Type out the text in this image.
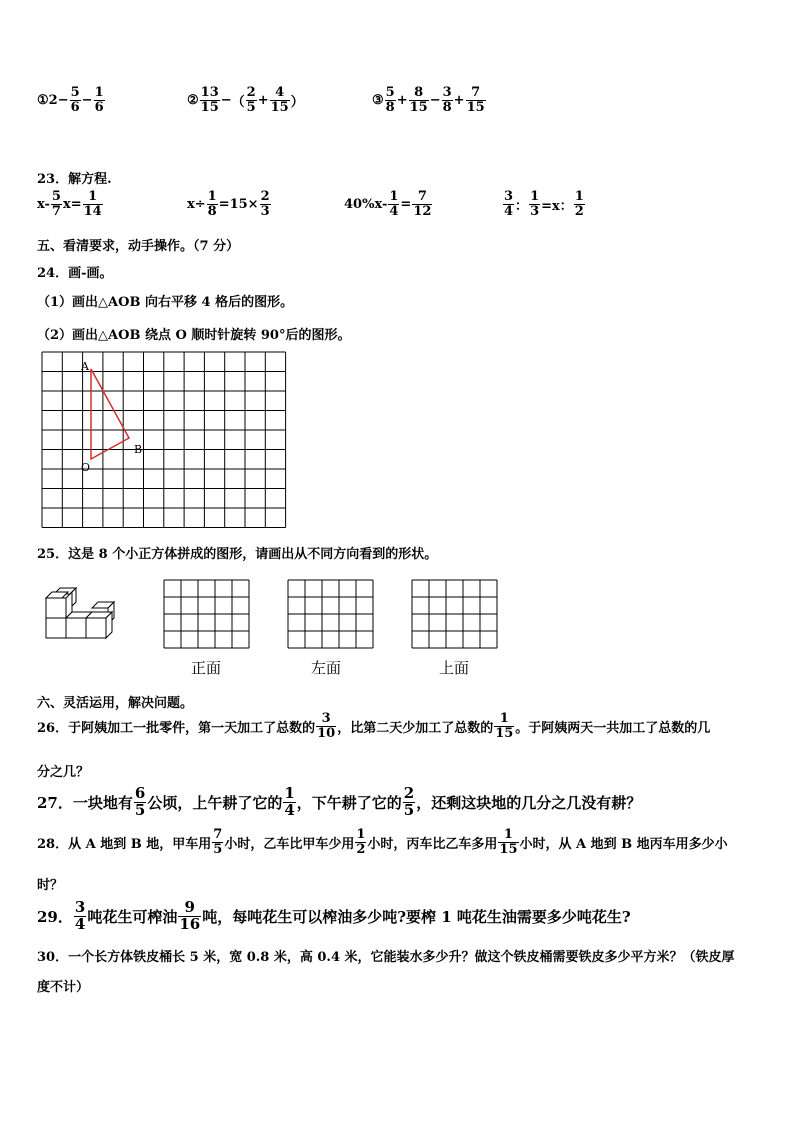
① $2 - \frac{5}{6} - \frac{1}{6}$	② $\frac{13}{15}$ − （ $\frac{2}{5} + \frac{4}{15}$ ）	③ $\frac{5}{8} + \frac{8}{15} - \frac{3}{8} + \frac{7}{15}$
23．解方程.
$x- \frac{5}{7} x= \frac{1}{14}$	$x\div \frac{1}{8} =15\times \frac{2}{3}$	$40\%x- \frac{1}{4} = \frac{7}{12}$	$\frac{3}{4}$ ： $\frac{1}{3} =x$： $\frac{1}{2}$
五、看清要求，动手操作。（7 分）
24．画-画。
（1）画出△AOB 向右平移 4 格后的图形。
（2）画出△AOB 绕点 O 顺时针旋转 90°后的图形。
A
B
O
25．这是 8 个小正方体拼成的图形，请画出从不同方向看到的形状。
正面	左面	上面
六、灵活运用，解决问题。
26．于阿姨加工一批零件，第一天加工了总数的 $\frac{3}{10}$ ，比第二天少加工了总数的 $\frac{1}{15}$ 。于阿姨两天一共加工了总数的几
分之几？
27．一块地有 $\frac{6}{5}$ 公顷，上午耕了它的 $\frac{1}{4}$ ，下午耕了它的 $\frac{2}{5}$ ，还剩这块地的几分之几没有耕？
28．从 A 地到 B 地，甲车用 $\frac{7}{5}$ 小时，乙车比甲车少用 $\frac{1}{2}$ 小时，丙车比乙车多用 $\frac{1}{15}$ 小时，从 A 地到 B 地丙车用多少小
时？
29． $\frac{3}{4}$ 吨花生可榨油 $\frac{9}{16}$ 吨，每吨花生可以榨油多少吨?要榨 1 吨花生油需要多少吨花生?
30．一个长方体铁皮桶长 5 米，宽 0.8 米，高 0.4 米，它能装水多少升？做这个铁皮桶需要铁皮多少平方米？（铁皮厚
度不计）
